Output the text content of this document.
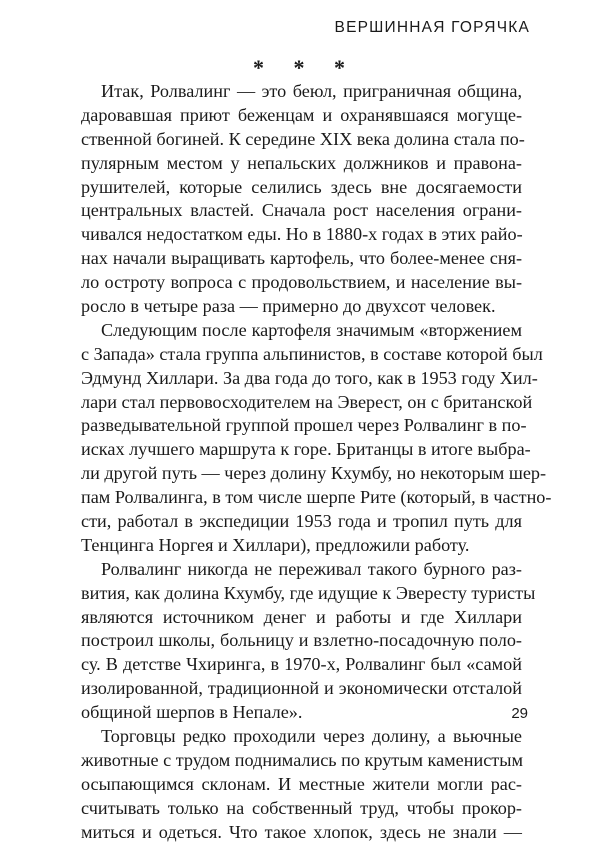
ВЕРШИННАЯ ГОРЯЧКА
* * *
Итак, Ролвалинг — это беюл, приграничная община,
даровавшая приют беженцам и охранявшаяся могуще-
ственной богиней. К середине XIX века долина стала по-
пулярным местом у непальских должников и правона-
рушителей, которые селились здесь вне досягаемости
центральных властей. Сначала рост населения ограни-
чивался недостатком еды. Но в 1880-х годах в этих райо-
нах начали выращивать картофель, что более-менее сня-
ло остроту вопроса с продовольствием, и население вы-
росло в четыре раза — примерно до двухсот человек.
Следующим после картофеля значимым «вторжением
с Запада» стала группа альпинистов, в составе которой был
Эдмунд Хиллари. За два года до того, как в 1953 году Хил-
лари стал первовосходителем на Эверест, он с британской
разведывательной группой прошел через Ролвалинг в по-
исках лучшего маршрута к горе. Британцы в итоге выбра-
ли другой путь — через долину Кхумбу, но некоторым шер-
пам Ролвалинга, в том числе шерпе Рите (который, в частно-
сти, работал в экспедиции 1953 года и тропил путь для
Тенцинга Норгея и Хиллари), предложили работу.
Ролвалинг никогда не переживал такого бурного раз-
вития, как долина Кхумбу, где идущие к Эвересту туристы
являются источником денег и работы и где Хиллари
построил школы, больницу и взлетно-посадочную поло-
су. В детстве Чхиринга, в 1970-х, Ролвалинг был «самой
изолированной, традиционной и экономически отсталой
общиной шерпов в Непале».
Торговцы редко проходили через долину, а вьючные
животные с трудом поднимались по крутым каменистым
осыпающимся склонам. И местные жители могли рас-
считывать только на собственный труд, чтобы прокор-
миться и одеться. Что такое хлопок, здесь не знали —
29
